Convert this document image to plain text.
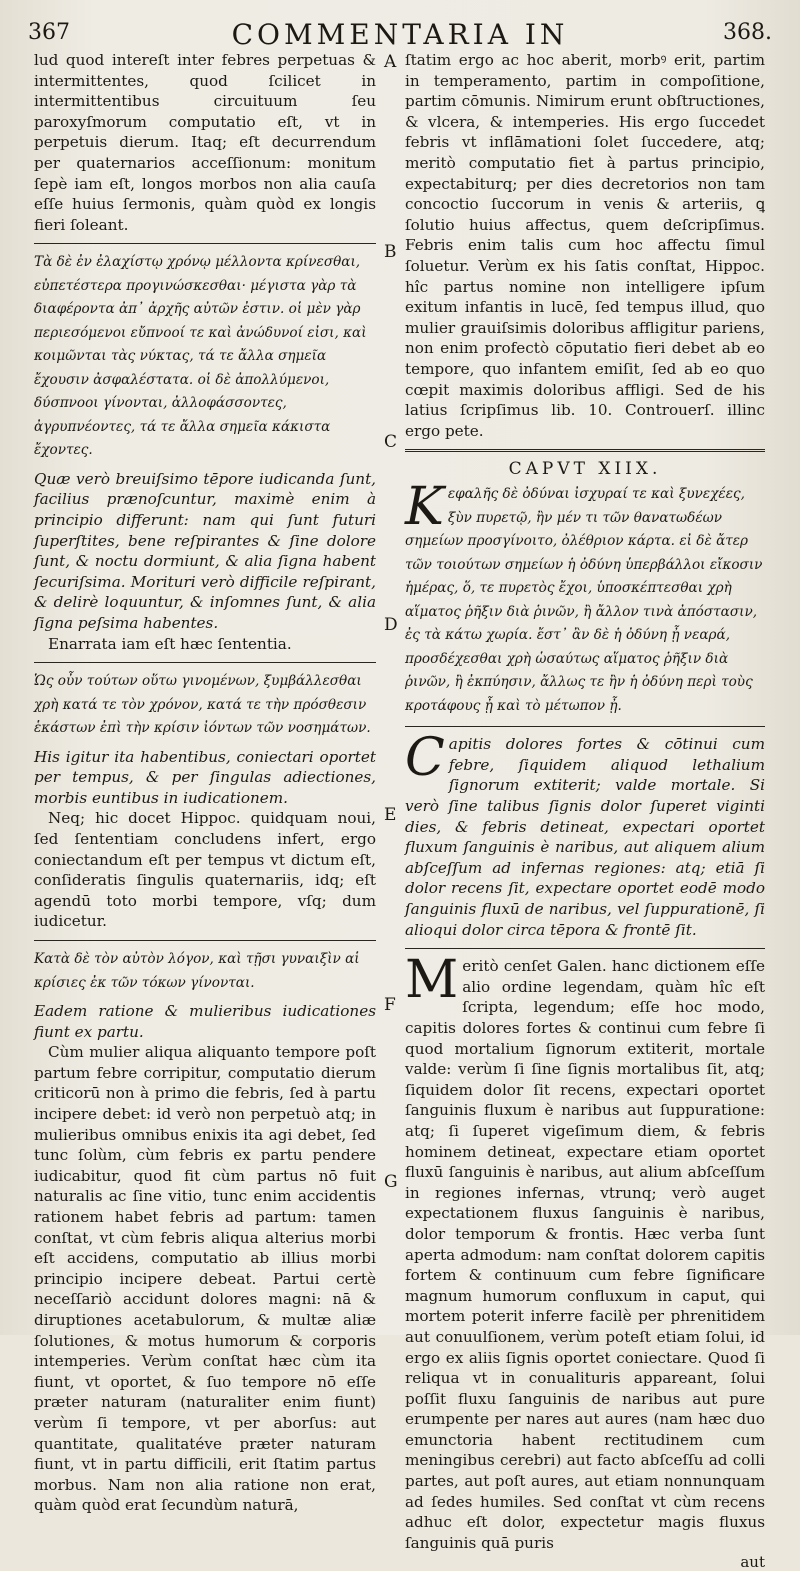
367	COMMENTARIA IN	368.

lud quod intereſt inter febres perpetuas & intermittentes, quod ſcilicet in intermittentibus circuituum ſeu paroxyſmorum computatio eſt, vt in perpetuis dierum. Itaq; eſt decurrendum per quaternarios acceſſionum: monitum ſepè iam eſt, longos morbos non alia cauſa eſſe huius ſermonis, quàm quòd ex longis fieri ſoleant.

Τὰ δὲ ἐν ἐλαχίστῳ χρόνῳ μέλλοντα κρίνεσθαι, εὐπετέστερα προγινώσκεσθαι· μέγιστα γὰρ τὰ διαφέροντα ἀπ᾽ ἀρχῆς αὐτῶν ἐστιν. οἱ μὲν γὰρ περιεσόμενοι εὔπνοοί τε καὶ ἀνώδυνοί εἰσι, καὶ κοιμῶνται τὰς νύκτας, τά τε ἄλλα σημεῖα ἔχουσιν ἀσφαλέστατα. οἱ δὲ ἀπολλύμενοι, δύσπνοοι γίνονται, ἀλλοφάσσοντες, ἀγρυπνέοντες, τά τε ἄλλα σημεῖα κάκιστα ἔχοντες.

Quæ verò breuiſsimo tēpore iudicanda ſunt, facilius prænoſcuntur, maximè enim à principio differunt: nam qui ſunt futuri ſuperſtites, bene reſpirantes & ſine dolore ſunt, & noctu dormiunt, & alia ſigna habent ſecuriſsima. Morituri verò difficile reſpirant, & delirè loquuntur, & inſomnes ſunt, & alia ſigna peſsima habentes.

Enarrata iam eſt hæc ſententia.

Ὡς οὖν τούτων οὕτω γινομένων, ξυμβάλλεσθαι χρὴ κατά τε τὸν χρόνον, κατά τε τὴν πρόσθεσιν ἑκάστων ἐπὶ τὴν κρίσιν ἰόντων τῶν νοσημάτων.

His igitur ita habentibus, coniectari oportet per tempus, & per ſingulas adiectiones, morbis euntibus in iudicationem.

Neq; hic docet Hippoc. quidquam noui, ſed ſententiam concludens infert, ergo coniectandum eſt per tempus vt dictum eſt, conſideratis ſingulis quaternariis, idq; eſt agendū toto morbi tempore, vſq; dum iudicetur.

Κατὰ δὲ τὸν αὐτὸν λόγον, καὶ τῇσι γυναιξὶν αἱ κρίσιες ἐκ τῶν τόκων γίνονται.

Eadem ratione & mulieribus iudicationes fiunt ex partu.

Cùm mulier aliqua aliquanto tempore poſt partum febre corripitur, computatio dierum criticorū non à primo die febris, ſed à partu incipere debet: id verò non perpetuò atq; in mulieribus omnibus enixis ita agi debet, ſed tunc ſolùm, cùm febris ex partu pendere iudicabitur, quod fit cùm partus nō fuit naturalis ac ſine vitio, tunc enim accidentis rationem habet febris ad partum: tamen conſtat, vt cùm febris aliqua alterius morbi eſt accidens, computatio ab illius morbi principio incipere debeat. Partui certè neceſſariò accidunt dolores magni: nā & diruptiones acetabulorum, & multæ aliæ ſolutiones, & motus humorum & corporis intemperies. Verùm conſtat hæc cùm ita fiunt, vt oportet, & ſuo tempore nō eſſe præter naturam (naturaliter enim fiunt) verùm ſi tempore, vt per aborſus: aut quantitate, qualitatéve præter naturam fiunt, vt in partu difficili, erit ſtatim partus morbus. Nam non alia ratione non erat, quàm quòd erat ſecundùm naturā,

A
B
C
D
E
F
G

ſtatim ergo ac hoc aberit, morbꝰ erit, partim in temperamento, partim in compoſitione, partim cōmunis. Nimirum erunt obſtructiones, & vlcera, & intemperies. His ergo ſuccedet febris vt inflāmationi ſolet ſuccedere, atq; meritò computatio fiet à partus principio, expectabiturq; per dies decretorios non tam concoctio ſuccorum in venis & arteriis, ꝗ ſolutio huius affectus, quem deſcripſimus. Febris enim talis cum hoc affectu ſimul ſoluetur. Verùm ex his ſatis conſtat, Hippoc. hîc partus nomine non intelligere ipſum exitum infantis in lucē, ſed tempus illud, quo mulier grauiſsimis doloribus affligitur pariens, non enim profectò cōputatio fieri debet ab eo tempore, quo infantem emiſit, ſed ab eo quo cœpit maximis doloribus affligi. Sed de his latius ſcripſimus lib. 10. Controuerſ. illinc ergo pete.

CAPVT XIIX.

Κεφαλῆς δὲ ὀδύναι ἰσχυραί τε καὶ ξυνεχέες, ξὺν πυρετῷ, ἢν μέν τι τῶν θανατωδέων σημείων προσγίνοιτο, ὀλέθριον κάρτα. εἰ δὲ ἄτερ τῶν τοιούτων σημείων ἡ ὀδύνη ὑπερβάλλοι εἴκοσιν ἡμέρας, ὅ, τε πυρετὸς ἔχοι, ὑποσκέπτεσθαι χρὴ αἵματος ῥῆξιν διὰ ῥινῶν, ἢ ἄλλον τινὰ ἀπόστασιν, ἐς τὰ κάτω χωρία. ἔστ᾽ ἂν δὲ ἡ ὀδύνη ᾖ νεαρά, προσδέχεσθαι χρὴ ὡσαύτως αἵματος ῥῆξιν διὰ ῥινῶν, ἢ ἐκπύησιν, ἄλλως τε ἢν ἡ ὀδύνη περὶ τοὺς κροτάφους ᾖ καὶ τὸ μέτωπον ᾖ.

Capitis dolores fortes & cōtinui cum febre, ſiquidem aliquod lethalium ſignorum extiterit; valde mortale. Si verò ſine talibus ſignis dolor ſuperet viginti dies, & febris detineat, expectari oportet fluxum ſanguinis è naribus, aut aliquem alium abſceſſum ad infernas regiones: atq; etiā ſi dolor recens ſit, expectare oportet eodē modo ſanguinis fluxū de naribus, vel ſuppurationē, ſi alioqui dolor circa tēpora & frontē ſit.

Meritò cenſet Galen. hanc dictionem eſſe alio ordine legendam, quàm hîc eſt ſcripta, legendum; eſſe hoc modo, capitis dolores fortes & continui cum febre ſi quod mortalium ſignorum extiterit, mortale valde: verùm ſi ſine ſignis mortalibus ſit, atq; ſiquidem dolor ſit recens, expectari oportet ſanguinis fluxum è naribus aut ſuppuratione: atq; ſi ſuperet vigeſimum diem, & febris hominem detineat, expectare etiam oportet fluxū ſanguinis è naribus, aut alium abſceſſum in regiones infernas, vtrunq; verò auget expectationem fluxus ſanguinis è naribus, dolor temporum & frontis. Hæc verba ſunt aperta admodum: nam conſtat dolorem capitis fortem & continuum cum febre ſignificare magnum humorum confluxum in caput, qui mortem poterit inferre facilè per phrenitidem aut conuulſionem, verùm poteſt etiam ſolui, id ergo ex aliis ſignis oportet coniectare. Quod ſi reliqua vt in conualituris appareant, ſolui poſſit fluxu ſanguinis de naribus aut pure erumpente per nares aut aures (nam hæc duo emunctoria habent rectitudinem cum meningibus cerebri) aut facto abſceſſu ad colli partes, aut poſt aures, aut etiam nonnunquam ad ſedes humiles. Sed conſtat vt cùm recens adhuc eſt dolor, expectetur magis fluxus ſanguinis quā puris

aut
